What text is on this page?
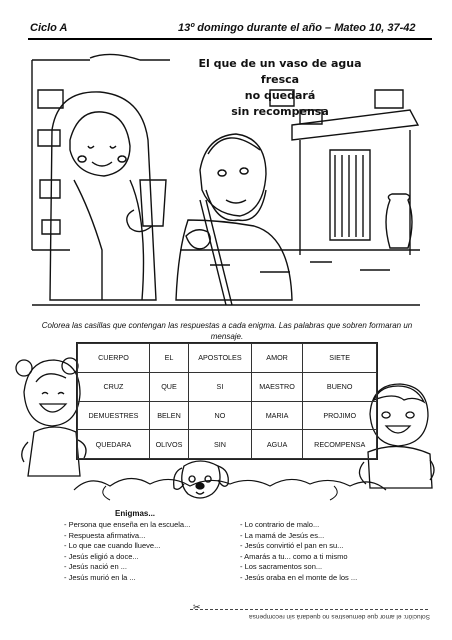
Ciclo A	13º domingo durante el año – Mateo 10, 37-42
El que de un vaso de agua
fresca
no quedará
sin recompensa
Colorea las casillas que contengan las respuestas a cada enigma. Las palabras que sobren formaran un mensaje.
CUERPO	EL	APOSTOLES	AMOR	SIETE
CRUZ	QUE	SI	MAESTRO	BUENO
DEMUESTRES	BELEN	NO	MARIA	PROJIMO
QUEDARA	OLIVOS	SIN	AGUA	RECOMPENSA
Enigmas...
- Persona que enseña en la escuela...
- Respuesta afirmativa...
- Lo que cae cuando llueve...
- Jesús eligió a doce...
- Jesús nació en ...
- Jesús murió en la ...
- Lo contrario de malo...
- La mamá de Jesús es...
- Jesús convirtió el pan en su...
- Amarás a tu... como a ti mismo
- Los sacramentos son...
- Jesús oraba en el monte de los ...
✂
Solución: el amor que demuestres no quedará sin recompensa
